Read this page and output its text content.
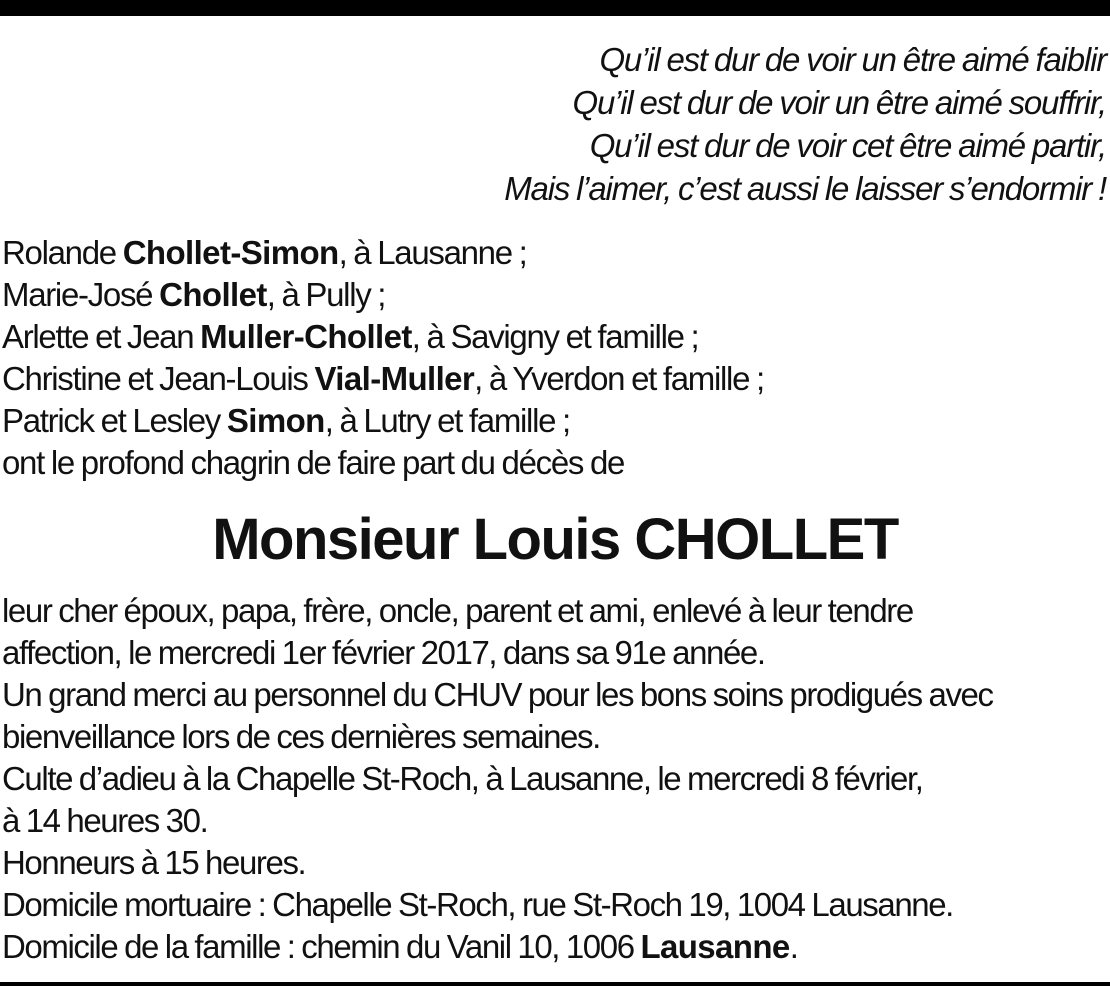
Qu’il est dur de voir un être aimé faiblir
Qu’il est dur de voir un être aimé souffrir,
Qu’il est dur de voir cet être aimé partir,
Mais l’aimer, c’est aussi le laisser s’endormir !
Rolande Chollet-Simon, à Lausanne ;
Marie-José Chollet, à Pully ;
Arlette et Jean Muller-Chollet, à Savigny et famille ;
Christine et Jean-Louis Vial-Muller, à Yverdon et famille ;
Patrick et Lesley Simon, à Lutry et famille ;
ont le profond chagrin de faire part du décès de
Monsieur Louis CHOLLET
leur cher époux, papa, frère, oncle, parent et ami, enlevé à leur tendre
affection, le mercredi 1er février 2017, dans sa 91e année.
Un grand merci au personnel du CHUV pour les bons soins prodigués avec
bienveillance lors de ces dernières semaines.
Culte d’adieu à la Chapelle St-Roch, à Lausanne, le mercredi 8 février,
à 14 heures 30.
Honneurs à 15 heures.
Domicile mortuaire : Chapelle St-Roch, rue St-Roch 19, 1004 Lausanne.
Domicile de la famille : chemin du Vanil 10, 1006 Lausanne.
